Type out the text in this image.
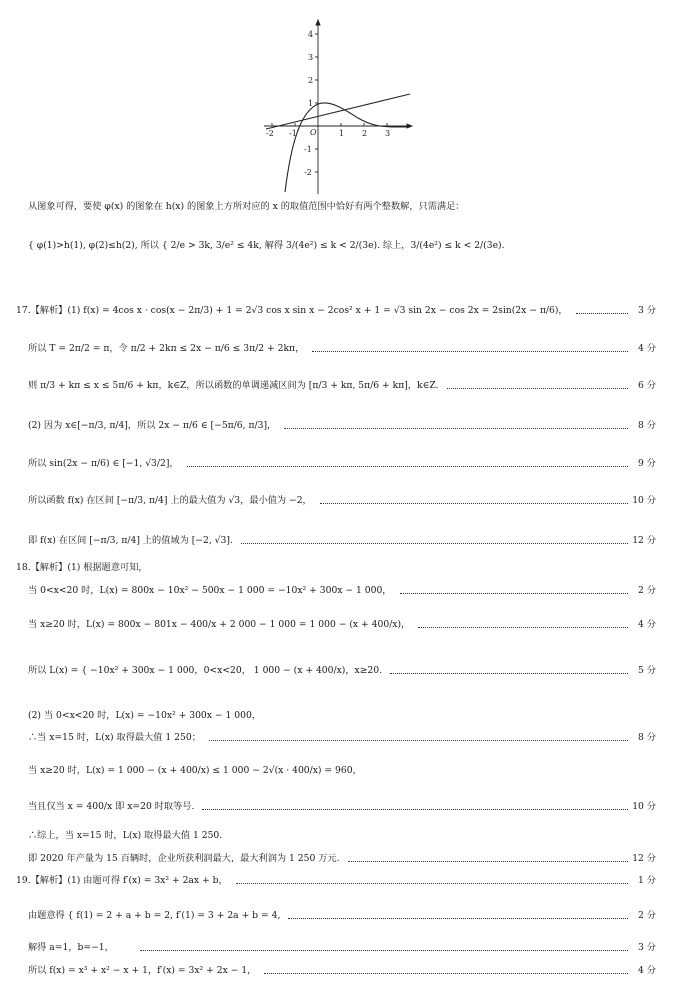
4
3
2
1
-1
-2
-2 -1	1 2 3
O
从图象可得，要使 φ(x) 的图象在 h(x) 的图象上方所对应的 x 的取值范围中恰好有两个整数解，只需满足：
{ φ(1)>h(1), φ(2)≤h(2), 所以 { 2/e > 3k, 3/e² ≤ 4k, 解得 3/(4e²) ≤ k < 2/(3e). 综上，3/(4e²) ≤ k < 2/(3e).
17.【解析】(1) f(x) = 4cos x · cos(x − 2π/3) + 1 = 2√3 cos x sin x − 2cos² x + 1 = √3 sin 2x − cos 2x = 2sin(2x − π/6)，	3 分
所以 T = 2π/2 = π，令 π/2 + 2kπ ≤ 2x − π/6 ≤ 3π/2 + 2kπ，	4 分
则 π/3 + kπ ≤ x ≤ 5π/6 + kπ，k∈Z，所以函数的单调递减区间为 [π/3 + kπ, 5π/6 + kπ]，k∈Z.	6 分
(2) 因为 x∈[−π/3, π/4]，所以 2x − π/6 ∈ [−5π/6, π/3]，	8 分
所以 sin(2x − π/6) ∈ [−1, √3/2]，	9 分
所以函数 f(x) 在区间 [−π/3, π/4] 上的最大值为 √3，最小值为 −2，	10 分
即 f(x) 在区间 [−π/3, π/4] 上的值域为 [−2, √3].	12 分
18.【解析】(1) 根据题意可知，
当 0<x<20 时，L(x) = 800x − 10x² − 500x − 1 000 = −10x² + 300x − 1 000，	2 分
当 x≥20 时，L(x) = 800x − 801x − 400/x + 2 000 − 1 000 = 1 000 − (x + 400/x)，	4 分
所以 L(x) = { −10x² + 300x − 1 000，0<x<20， 1 000 − (x + 400/x)，x≥20.	5 分
(2) 当 0<x<20 时，L(x) = −10x² + 300x − 1 000，
∴当 x=15 时，L(x) 取得最大值 1 250；	8 分
当 x≥20 时，L(x) = 1 000 − (x + 400/x) ≤ 1 000 − 2√(x · 400/x) = 960，
当且仅当 x = 400/x 即 x=20 时取等号.	10 分
∴综上，当 x=15 时，L(x) 取得最大值 1 250.
即 2020 年产量为 15 百辆时，企业所获利润最大，最大利润为 1 250 万元.	12 分
19.【解析】(1) 由题可得 f′(x) = 3x² + 2ax + b，	1 分
由题意得 { f(1) = 2 + a + b = 2, f′(1) = 3 + 2a + b = 4,	2 分
解得 a=1，b=−1，	3 分
所以 f(x) = x³ + x² − x + 1，f′(x) = 3x² + 2x − 1，	4 分
